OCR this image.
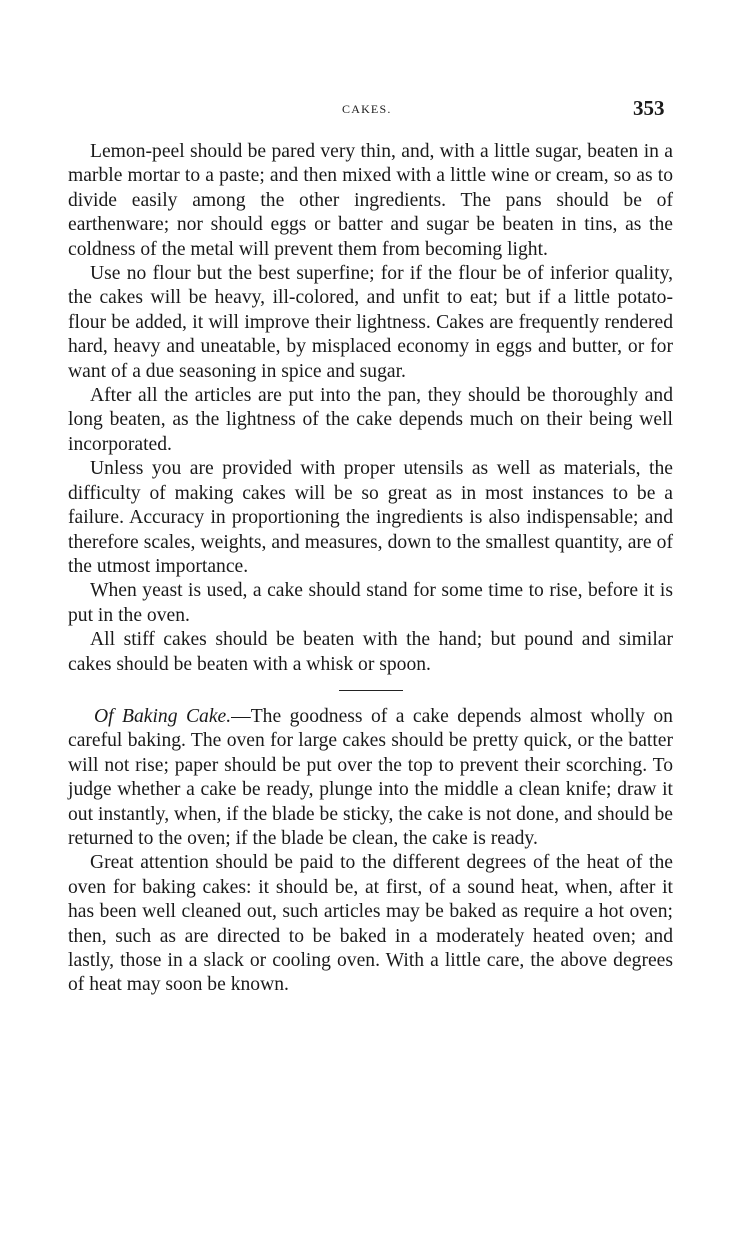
CAKES.	353

Lemon-peel should be pared very thin, and, with a little sugar, beaten in a marble mortar to a paste; and then mixed with a little wine or cream, so as to divide easily among the other ingredients. The pans should be of earthenware; nor should eggs or batter and sugar be beaten in tins, as the coldness of the metal will prevent them from becoming light.

Use no flour but the best superfine; for if the flour be of inferior quality, the cakes will be heavy, ill-colored, and unfit to eat; but if a little potato-flour be added, it will improve their lightness. Cakes are frequently rendered hard, heavy and uneatable, by misplaced economy in eggs and butter, or for want of a due seasoning in spice and sugar.

After all the articles are put into the pan, they should be thoroughly and long beaten, as the lightness of the cake depends much on their being well incorporated.

Unless you are provided with proper utensils as well as materials, the difficulty of making cakes will be so great as in most instances to be a failure. Accuracy in proportioning the ingredients is also indispensable; and therefore scales, weights, and measures, down to the smallest quantity, are of the utmost importance.

When yeast is used, a cake should stand for some time to rise, before it is put in the oven.

All stiff cakes should be beaten with the hand; but pound and similar cakes should be beaten with a whisk or spoon.

Of Baking Cake.—The goodness of a cake depends almost wholly on careful baking. The oven for large cakes should be pretty quick, or the batter will not rise; paper should be put over the top to prevent their scorching. To judge whether a cake be ready, plunge into the middle a clean knife; draw it out instantly, when, if the blade be sticky, the cake is not done, and should be returned to the oven; if the blade be clean, the cake is ready.

Great attention should be paid to the different degrees of the heat of the oven for baking cakes: it should be, at first, of a sound heat, when, after it has been well cleaned out, such articles may be baked as require a hot oven; then, such as are directed to be baked in a moderately heated oven; and lastly, those in a slack or cooling oven. With a little care, the above degrees of heat may soon be known.
